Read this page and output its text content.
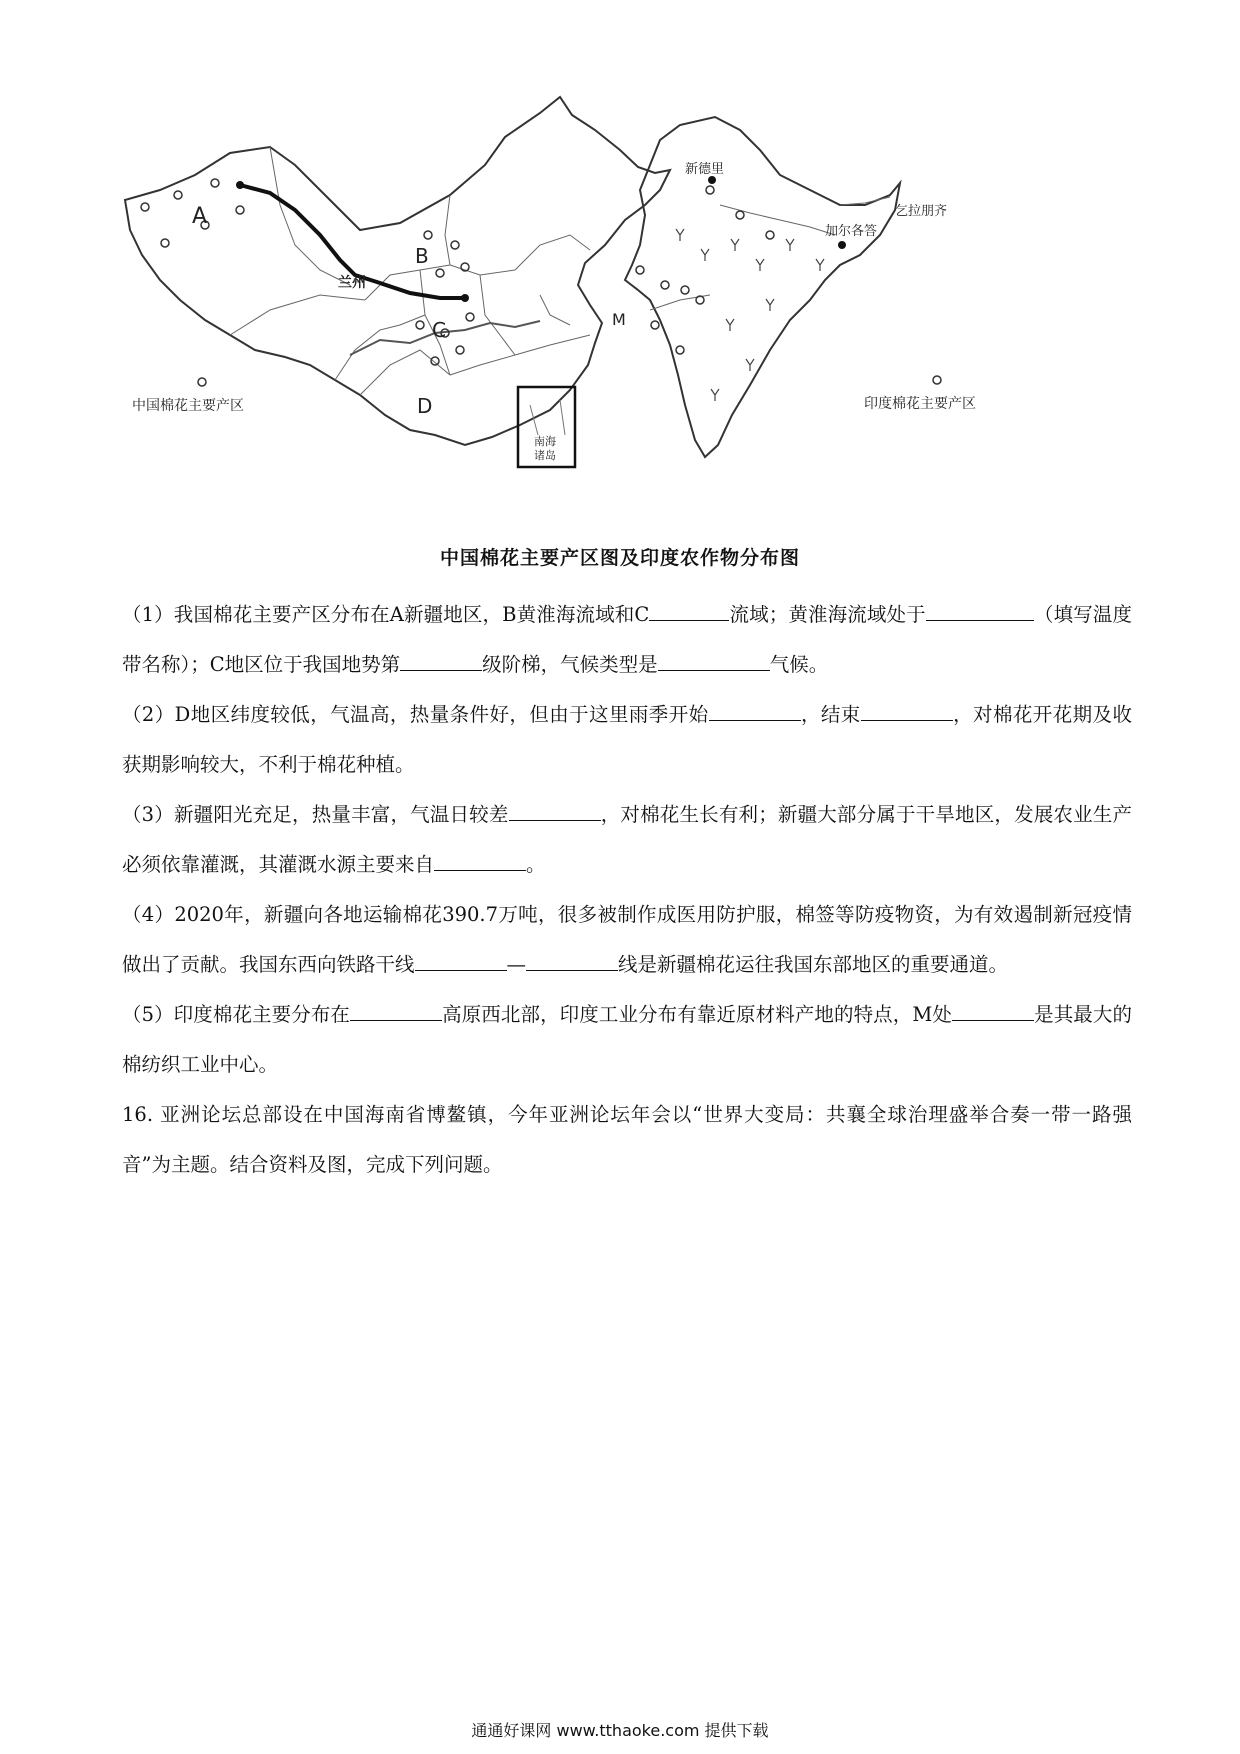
A
B
C
D
兰州
中国棉花主要产区
南海
诸岛
新德里
乞拉朋齐
加尔各答
M
印度棉花主要产区
中国棉花主要产区图及印度农作物分布图

（1）我国棉花主要产区分布在A新疆地区，B黄淮海流域和C	流域；黄淮海流域处于	（填写温度带名称）；C地区位于我国地势第	级阶梯，气候类型是	气候。

（2）D地区纬度较低，气温高，热量条件好，但由于这里雨季开始	，结束	，对棉花开花期及收获期影响较大，不利于棉花种植。

（3）新疆阳光充足，热量丰富，气温日较差	，对棉花生长有利；新疆大部分属于干旱地区，发展农业生产必须依靠灌溉，其灌溉水源主要来自	。

（4）2020年，新疆向各地运输棉花390.7万吨，很多被制作成医用防护服，棉签等防疫物资，为有效遏制新冠疫情做出了贡献。我国东西向铁路干线	—	线是新疆棉花运往我国东部地区的重要通道。

（5）印度棉花主要分布在	高原西北部，印度工业分布有靠近原材料产地的特点，M处	是其最大的棉纺织工业中心。

16. 亚洲论坛总部设在中国海南省博鳌镇，今年亚洲论坛年会以“世界大变局：共襄全球治理盛举合奏一带一路强音”为主题。结合资料及图，完成下列问题。

通通好课网 www.tthaoke.com 提供下载
